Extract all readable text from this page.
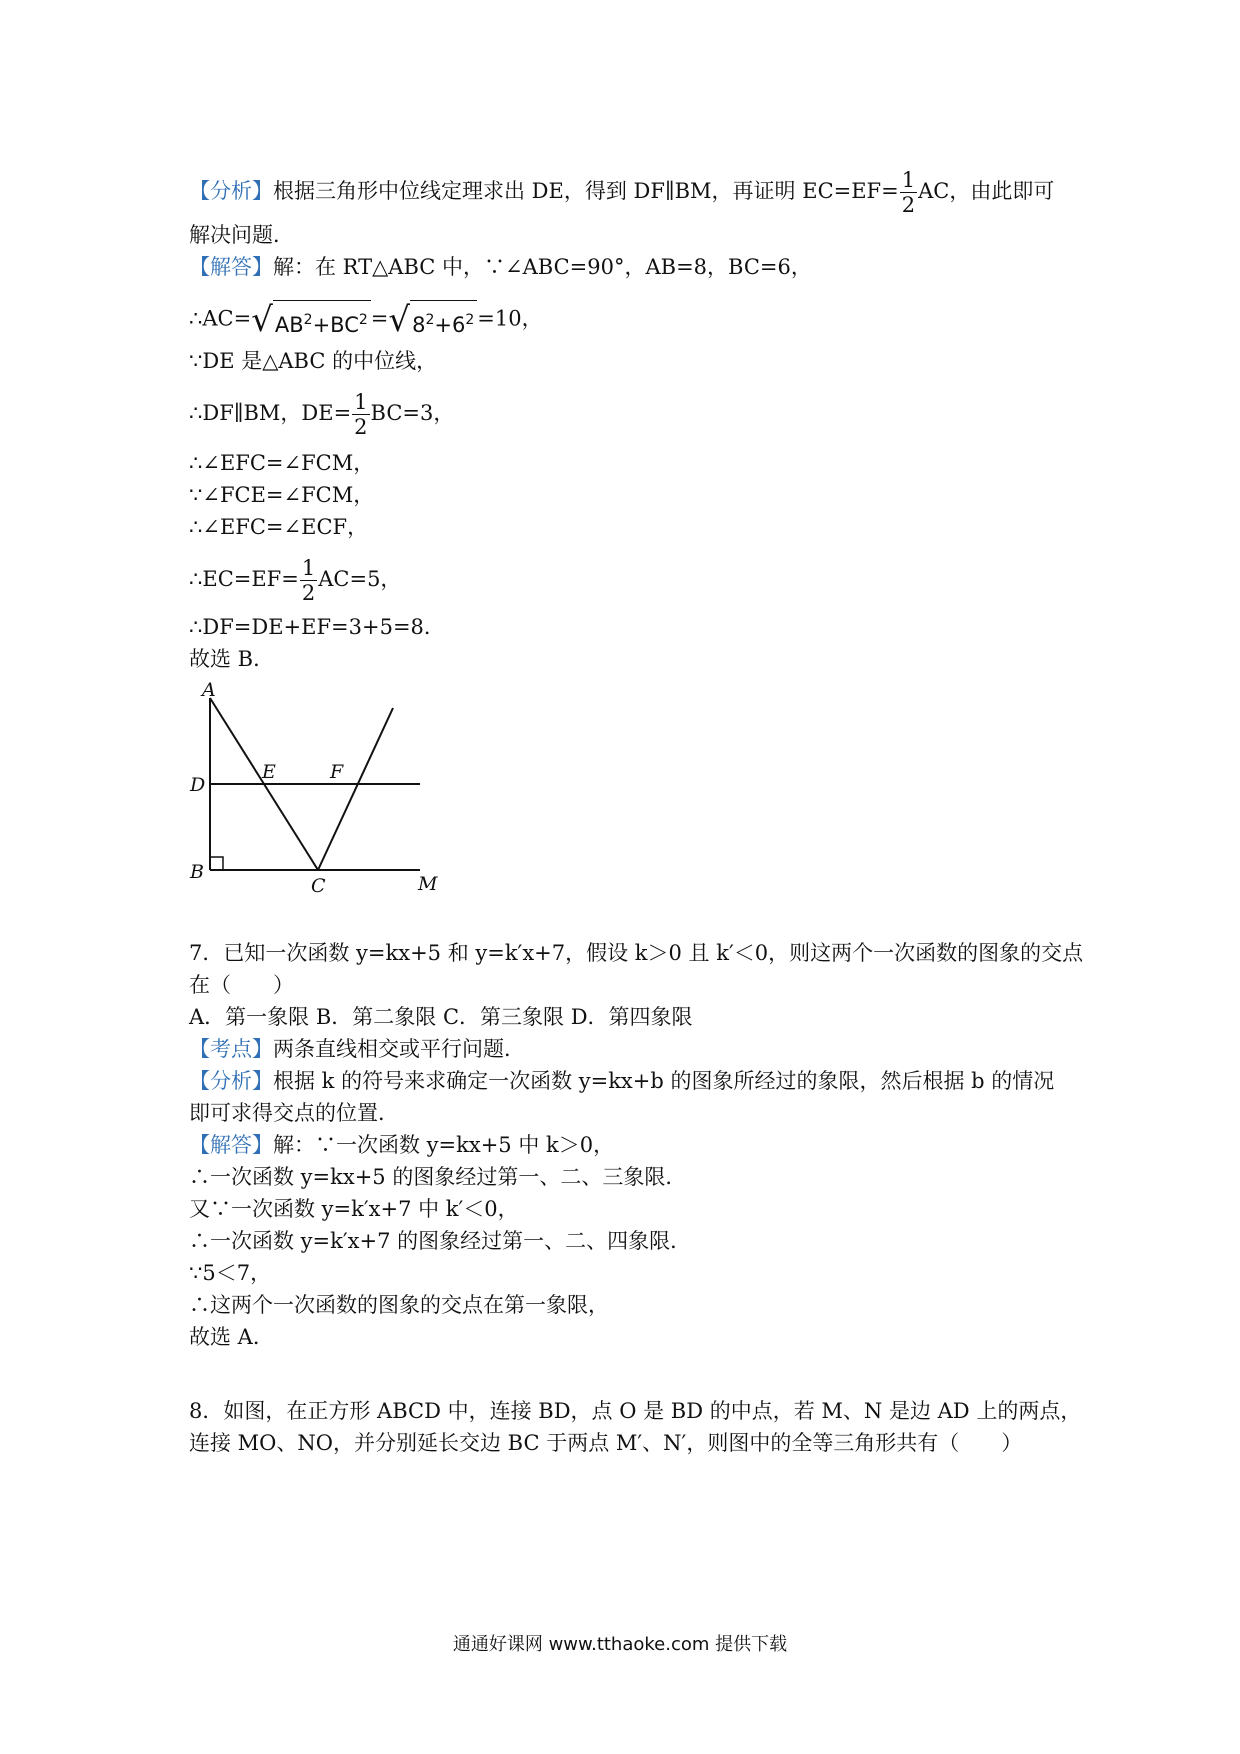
【分析】根据三角形中位线定理求出 DE，得到 DF∥BM，再证明 $EC=EF= \frac{1}{2}$ AC，由此即可
解决问题．
【解答】解：在 RT△ABC 中，∵∠ABC=90°，AB=8，BC=6，
$\therefore AC=√AB^2+BC^2 =√8^2+6^2 =10$，
∵DE 是△ABC 的中位线，
∴DF∥BM，$DE= \frac{1}{2} BC=3$，
∴∠EFC=∠FCM，
∵∠FCE=∠FCM，
∴∠EFC=∠ECF，
∴EC=EF= $\frac{1}{2} AC=5$，
∴DF=DE+EF=3+5=8．
故选 B．
A
D
B
E	F
C	M
7．已知一次函数 y=kx+5 和 y=k′x+7，假设 k＞0 且 k′＜0，则这两个一次函数的图象的交点
在（　　）
A．第一象限 B．第二象限 C．第三象限 D．第四象限
【考点】两条直线相交或平行问题．
【分析】根据 k 的符号来求确定一次函数 y=kx+b 的图象所经过的象限，然后根据 b 的情况
即可求得交点的位置．
【解答】解：∵一次函数 y=kx+5 中 k＞0，
∴一次函数 y=kx+5 的图象经过第一、二、三象限．
又∵一次函数 y=k′x+7 中 k′＜0，
∴一次函数 y=k′x+7 的图象经过第一、二、四象限．
∵5＜7，
∴这两个一次函数的图象的交点在第一象限，
故选 A．
8．如图，在正方形 ABCD 中，连接 BD，点 O 是 BD 的中点，若 M、N 是边 AD 上的两点，
连接 MO、NO，并分别延长交边 BC 于两点 M′、N′，则图中的全等三角形共有（　　）
通通好课网 www.tthaoke.com 提供下载
